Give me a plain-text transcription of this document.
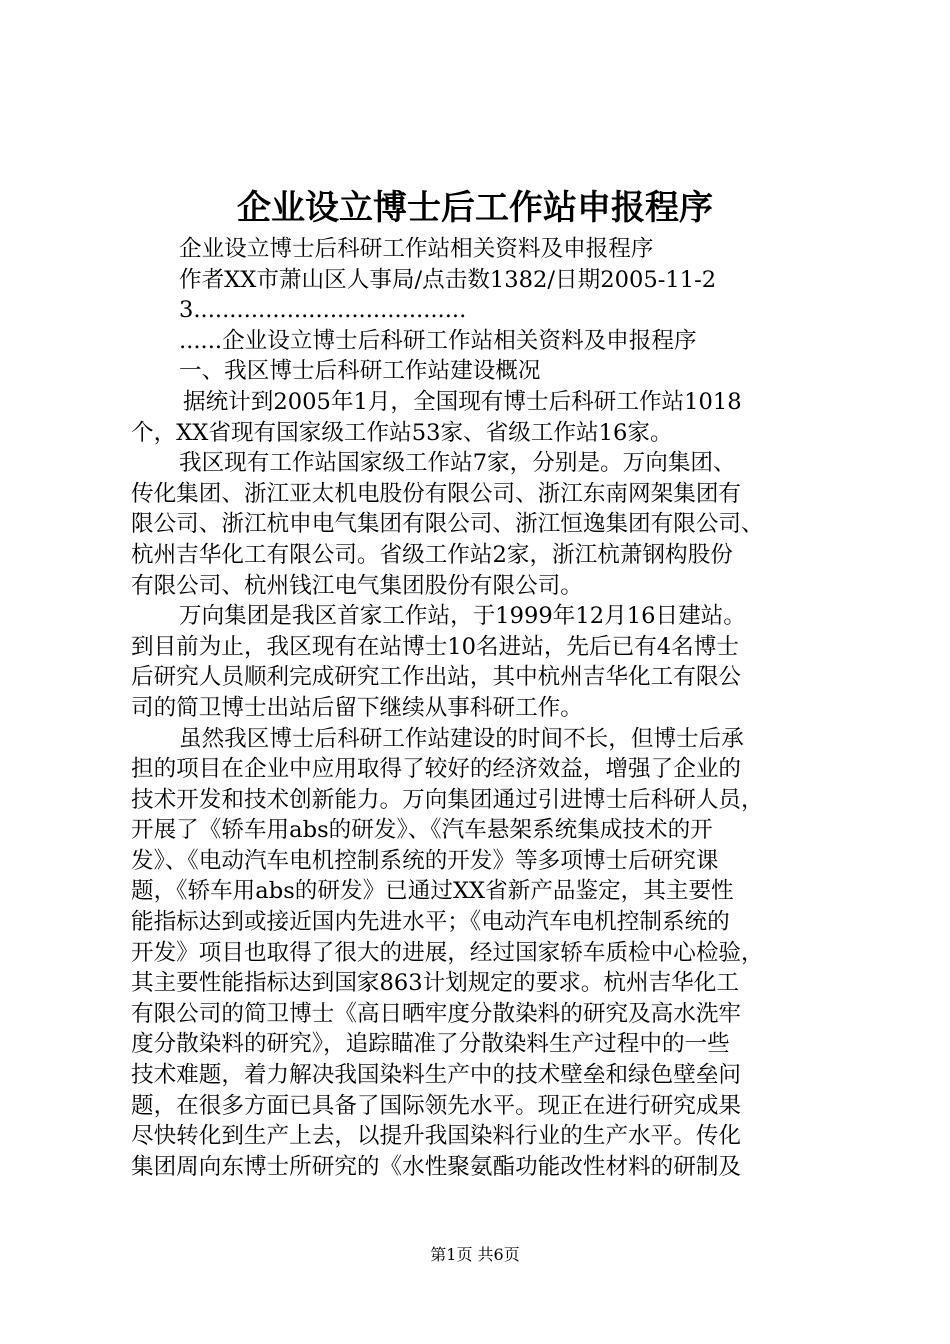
企业设立博士后工作站申报程序
企业设立博士后科研工作站相关资料及申报程序
作者XX市萧山区人事局/点击数1382/日期2005-11-2
3......................................
......企业设立博士后科研工作站相关资料及申报程序
一、我区博士后科研工作站建设概况
据统计到2005年1月，全国现有博士后科研工作站1018
个，XX省现有国家级工作站53家、省级工作站16家。
我区现有工作站国家级工作站7家，分别是。万向集团、
传化集团、浙江亚太机电股份有限公司、浙江东南网架集团有
限公司、浙江杭申电气集团有限公司、浙江恒逸集团有限公司、
杭州吉华化工有限公司。省级工作站2家，浙江杭萧钢构股份
有限公司、杭州钱江电气集团股份有限公司。
万向集团是我区首家工作站，于1999年12月16日建站。
到目前为止，我区现有在站博士10名进站，先后已有4名博士
后研究人员顺利完成研究工作出站，其中杭州吉华化工有限公
司的简卫博士出站后留下继续从事科研工作。
虽然我区博士后科研工作站建设的时间不长，但博士后承
担的项目在企业中应用取得了较好的经济效益，增强了企业的
技术开发和技术创新能力。万向集团通过引进博士后科研人员，
开展了《轿车用abs的研发》、《汽车悬架系统集成技术的开
发》、《电动汽车电机控制系统的开发》等多项博士后研究课
题，《轿车用abs的研发》已通过XX省新产品鉴定，其主要性
能指标达到或接近国内先进水平；《电动汽车电机控制系统的
开发》项目也取得了很大的进展，经过国家轿车质检中心检验，
其主要性能指标达到国家863计划规定的要求。杭州吉华化工
有限公司的简卫博士《高日晒牢度分散染料的研究及高水洗牢
度分散染料的研究》，追踪瞄准了分散染料生产过程中的一些
技术难题，着力解决我国染料生产中的技术壁垒和绿色壁垒问
题，在很多方面已具备了国际领先水平。现正在进行研究成果
尽快转化到生产上去，以提升我国染料行业的生产水平。传化
集团周向东博士所研究的《水性聚氨酯功能改性材料的研制及
第1页 共6页
